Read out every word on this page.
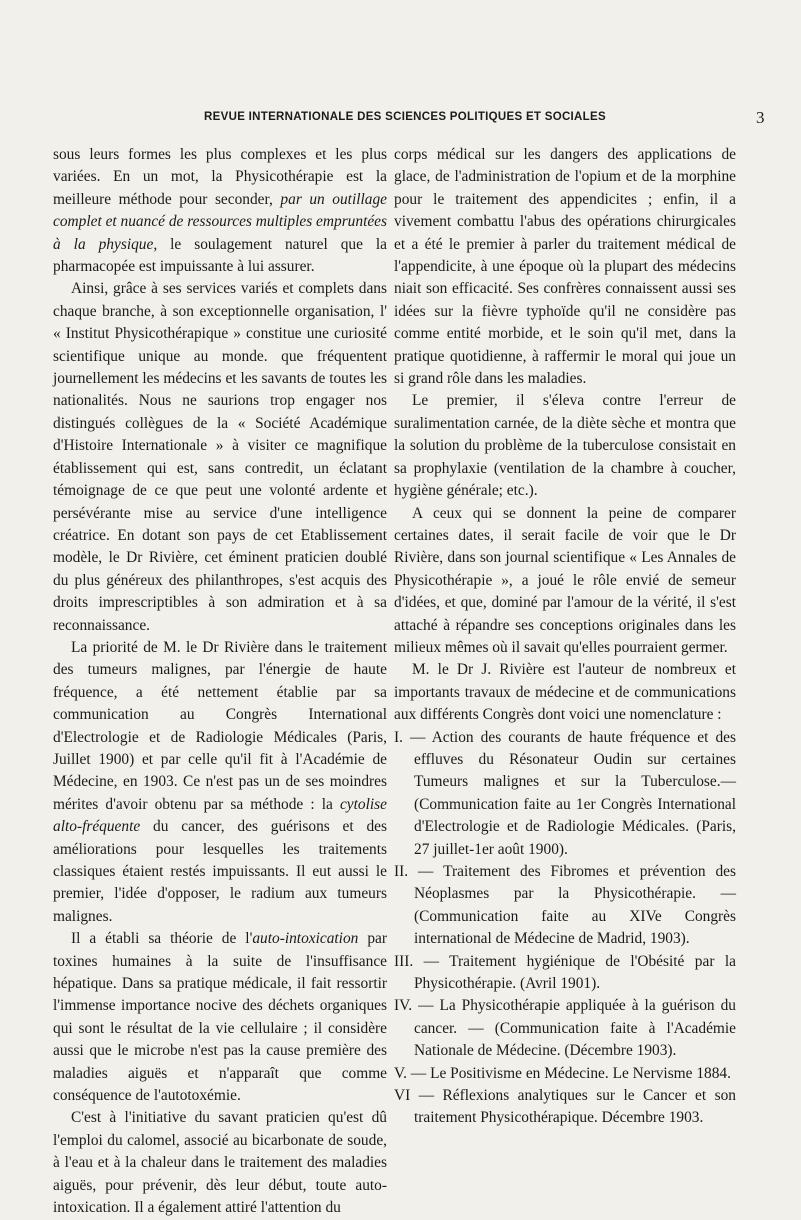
REVUE INTERNATIONALE DES SCIENCES POLITIQUES ET SOCIALES	3

sous leurs formes les plus complexes et les plus variées. En un mot, la Physicothérapie est la meilleure méthode pour seconder, par un outillage complet et nuancé de ressources multiples empruntées à la physique, le soulagement naturel que la pharmacopée est impuissante à lui assurer.

Ainsi, grâce à ses services variés et complets dans chaque branche, à son exceptionnelle organisation, l' « Institut Physicothérapique » constitue une curiosité scientifique unique au monde. que fréquentent journellement les médecins et les savants de toutes les nationalités. Nous ne saurions trop engager nos distingués collègues de la « Société Académique d'Histoire Internationale » à visiter ce magnifique établissement qui est, sans contredit, un éclatant témoignage de ce que peut une volonté ardente et persévérante mise au service d'une intelligence créatrice. En dotant son pays de cet Etablissement modèle, le Dr Rivière, cet éminent praticien doublé du plus généreux des philanthropes, s'est acquis des droits imprescriptibles à son admiration et à sa reconnaissance.

La priorité de M. le Dr Rivière dans le traitement des tumeurs malignes, par l'énergie de haute fréquence, a été nettement établie par sa communication au Congrès International d'Electrologie et de Radiologie Médicales (Paris, Juillet 1900) et par celle qu'il fit à l'Académie de Médecine, en 1903. Ce n'est pas un de ses moindres mérites d'avoir obtenu par sa méthode : la cytolise alto-fréquente du cancer, des guérisons et des améliorations pour lesquelles les traitements classiques étaient restés impuissants. Il eut aussi le premier, l'idée d'opposer, le radium aux tumeurs malignes.

Il a établi sa théorie de l'auto-intoxication par toxines humaines à la suite de l'insuffisance hépatique. Dans sa pratique médicale, il fait ressortir l'immense importance nocive des déchets organiques qui sont le résultat de la vie cellulaire ; il considère aussi que le microbe n'est pas la cause première des maladies aiguës et n'apparaît que comme conséquence de l'autotoxémie.

C'est à l'initiative du savant praticien qu'est dû l'emploi du calomel, associé au bicarbonate de soude, à l'eau et à la chaleur dans le traitement des maladies aiguës, pour prévenir, dès leur début, toute auto-intoxication. Il a également attiré l'attention du

corps médical sur les dangers des applications de glace, de l'administration de l'opium et de la morphine pour le traitement des appendicites ; enfin, il a vivement combattu l'abus des opérations chirurgicales et a été le premier à parler du traitement médical de l'appendicite, à une époque où la plupart des médecins niait son efficacité. Ses confrères connaissent aussi ses idées sur la fièvre typhoïde qu'il ne considère pas comme entité morbide, et le soin qu'il met, dans la pratique quotidienne, à raffermir le moral qui joue un si grand rôle dans les maladies.

Le premier, il s'éleva contre l'erreur de suralimentation carnée, de la diète sèche et montra que la solution du problème de la tuberculose consistait en sa prophylaxie (ventilation de la chambre à coucher, hygiène générale; etc.).

A ceux qui se donnent la peine de comparer certaines dates, il serait facile de voir que le Dr Rivière, dans son journal scientifique « Les Annales de Physicothérapie », a joué le rôle envié de semeur d'idées, et que, dominé par l'amour de la vérité, il s'est attaché à répandre ses conceptions originales dans les milieux mêmes où il savait qu'elles pourraient germer.

M. le Dr J. Rivière est l'auteur de nombreux et importants travaux de médecine et de communications aux différents Congrès dont voici une nomenclature :

I. — Action des courants de haute fréquence et des effluves du Résonateur Oudin sur certaines Tumeurs malignes et sur la Tuberculose.— (Communication faite au 1er Congrès International d'Electrologie et de Radiologie Médicales. (Paris, 27 juillet-1er août 1900).
II. — Traitement des Fibromes et prévention des Néoplasmes par la Physicothérapie. — (Communication faite au XIVe Congrès international de Médecine de Madrid, 1903).
III. — Traitement hygiénique de l'Obésité par la Physicothérapie. (Avril 1901).
IV. — La Physicothérapie appliquée à la guérison du cancer. — (Communication faite à l'Académie Nationale de Médecine. (Décembre 1903).
V. — Le Positivisme en Médecine. Le Nervisme 1884.
VI — Réflexions analytiques sur le Cancer et son traitement Physicothérapique. Décembre 1903.
